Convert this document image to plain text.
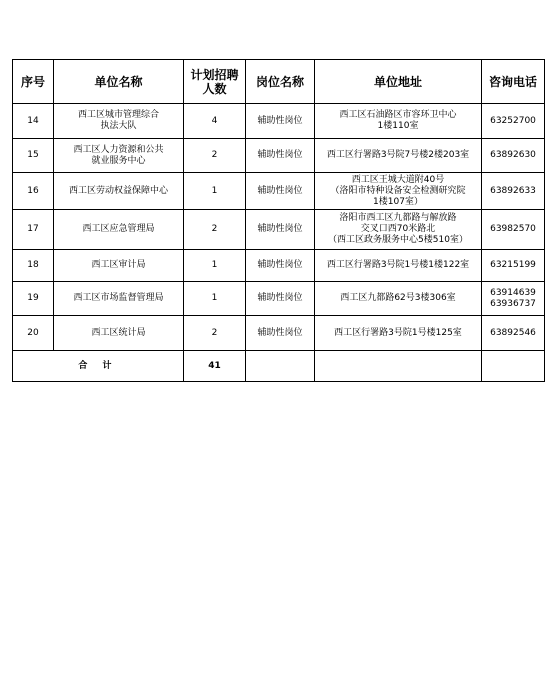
序号	单位名称	计划招聘
人数	岗位名称	单位地址	咨询电话
14	西工区城市管理综合
执法大队	4	辅助性岗位	西工区石油路区市容环卫中心
1楼110室	63252700
15	西工区人力资源和公共
就业服务中心	2	辅助性岗位	西工区行署路3号院7号楼2楼203室	63892630
16	西工区劳动权益保障中心	1	辅助性岗位	西工区王城大道附40号
（洛阳市特种设备安全检测研究院
1楼107室）	63892633
17	西工区应急管理局	2	辅助性岗位	洛阳市西工区九都路与解放路
交叉口西70米路北
（西工区政务服务中心5楼510室）	63982570
18	西工区审计局	1	辅助性岗位	西工区行署路3号院1号楼1楼122室	63215199
19	西工区市场监督管理局	1	辅助性岗位	西工区九都路62号3楼306室	63914639
63936737
20	西工区统计局	2	辅助性岗位	西工区行署路3号院1号楼125室	63892546
合 计		41			
